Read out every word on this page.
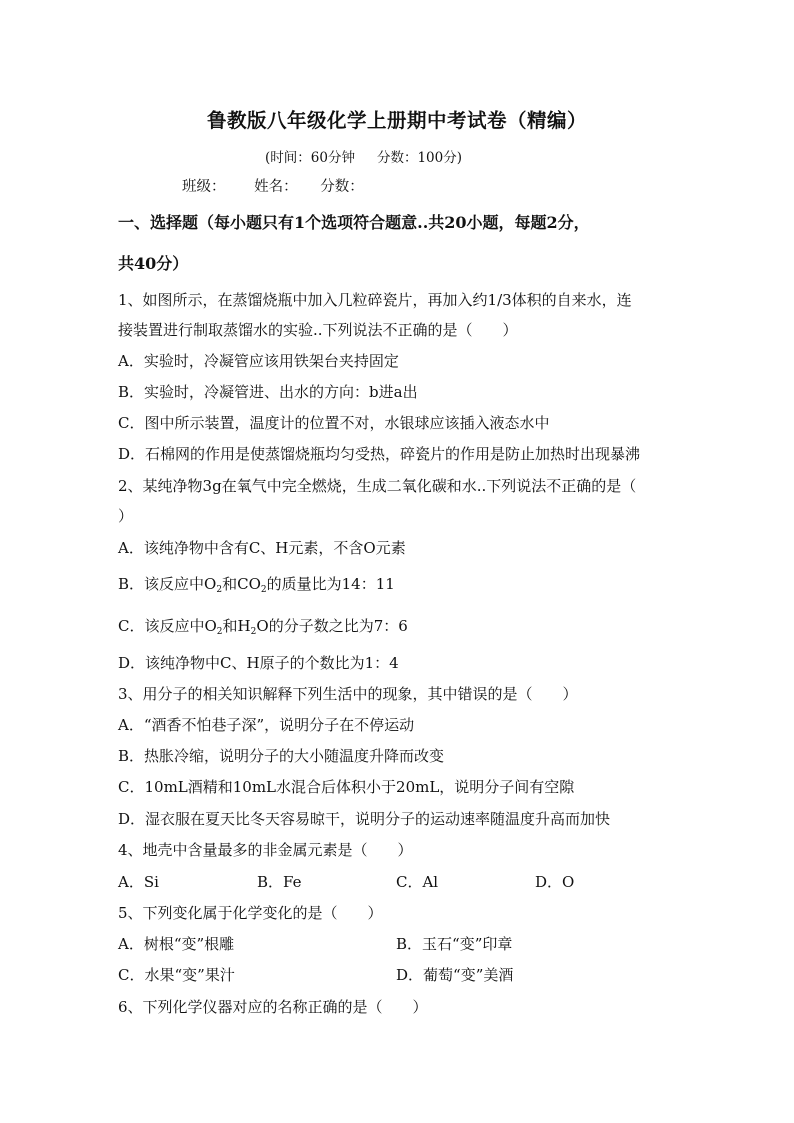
鲁教版八年级化学上册期中考试卷（精编）
(时间：60分钟 分数：100分)
班级： 姓名： 分数：
一、选择题（每小题只有1个选项符合题意..共20小题，每题2分，
共40分）
1、如图所示，在蒸馏烧瓶中加入几粒碎瓷片，再加入约1/3体积的自来水，连
接装置进行制取蒸馏水的实验..下列说法不正确的是（　　）
A．实验时，冷凝管应该用铁架台夹持固定
B．实验时，冷凝管进、出水的方向：b进a出
C．图中所示装置，温度计的位置不对，水银球应该插入液态水中
D．石棉网的作用是使蒸馏烧瓶均匀受热，碎瓷片的作用是防止加热时出现暴沸
2、某纯净物3g在氧气中完全燃烧，生成二氧化碳和水..下列说法不正确的是（
）
A．该纯净物中含有C、H元素，不含O元素
B．该反应中$O_2$和$CO_2$的质量比为14：11
C．该反应中$O_2$和$H_2O$的分子数之比为7：6
D．该纯净物中C、H原子的个数比为1：4
3、用分子的相关知识解释下列生活中的现象，其中错误的是（　　）
A．“酒香不怕巷子深”，说明分子在不停运动
B．热胀冷缩，说明分子的大小随温度升降而改变
C．10mL酒精和10mL水混合后体积小于20mL，说明分子间有空隙
D．湿衣服在夏天比冬天容易晾干，说明分子的运动速率随温度升高而加快
4、地壳中含量最多的非金属元素是（　　）
A．Si	B．Fe	C．Al	D．O
5、下列变化属于化学变化的是（　　）
A．树根“变”根雕	B．玉石“变”印章
C．水果“变”果汁	D．葡萄“变”美酒
6、下列化学仪器对应的名称正确的是（　　）
